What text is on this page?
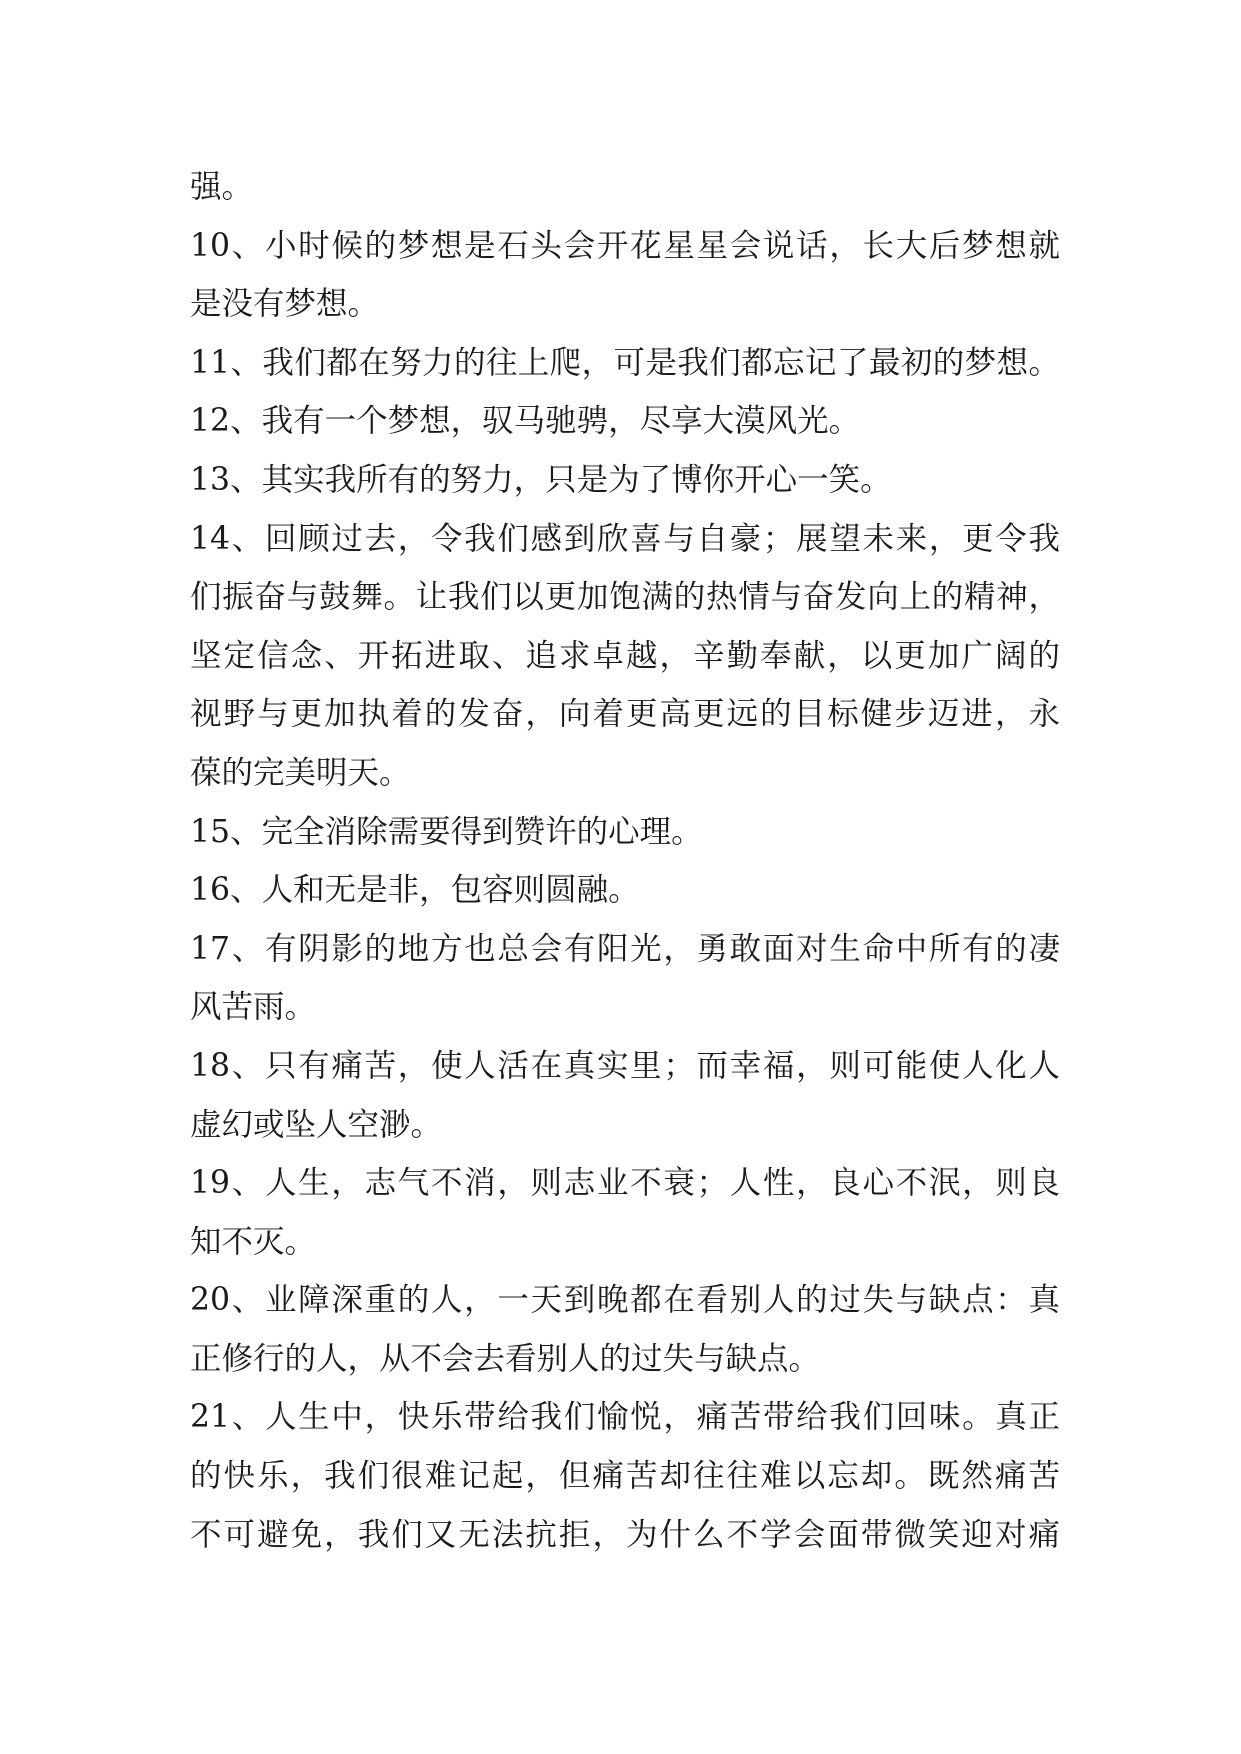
强。
10、小时候的梦想是石头会开花星星会说话，长大后梦想就
是没有梦想。
11、我们都在努力的往上爬，可是我们都忘记了最初的梦想。
12、我有一个梦想，驭马驰骋，尽享大漠风光。
13、其实我所有的努力，只是为了博你开心一笑。
14、回顾过去，令我们感到欣喜与自豪；展望未来，更令我
们振奋与鼓舞。让我们以更加饱满的热情与奋发向上的精神，
坚定信念、开拓进取、追求卓越，辛勤奉献，以更加广阔的
视野与更加执着的发奋，向着更高更远的目标健步迈进，永
葆的完美明天。
15、完全消除需要得到赞许的心理。
16、人和无是非，包容则圆融。
17、有阴影的地方也总会有阳光，勇敢面对生命中所有的凄
风苦雨。
18、只有痛苦，使人活在真实里；而幸福，则可能使人化人
虚幻或坠人空渺。
19、人生，志气不消，则志业不衰；人性，良心不泯，则良
知不灭。
20、业障深重的人，一天到晚都在看别人的过失与缺点：真
正修行的人，从不会去看别人的过失与缺点。
21、人生中，快乐带给我们愉悦，痛苦带给我们回味。真正
的快乐，我们很难记起，但痛苦却往往难以忘却。既然痛苦
不可避免，我们又无法抗拒，为什么不学会面带微笑迎对痛
